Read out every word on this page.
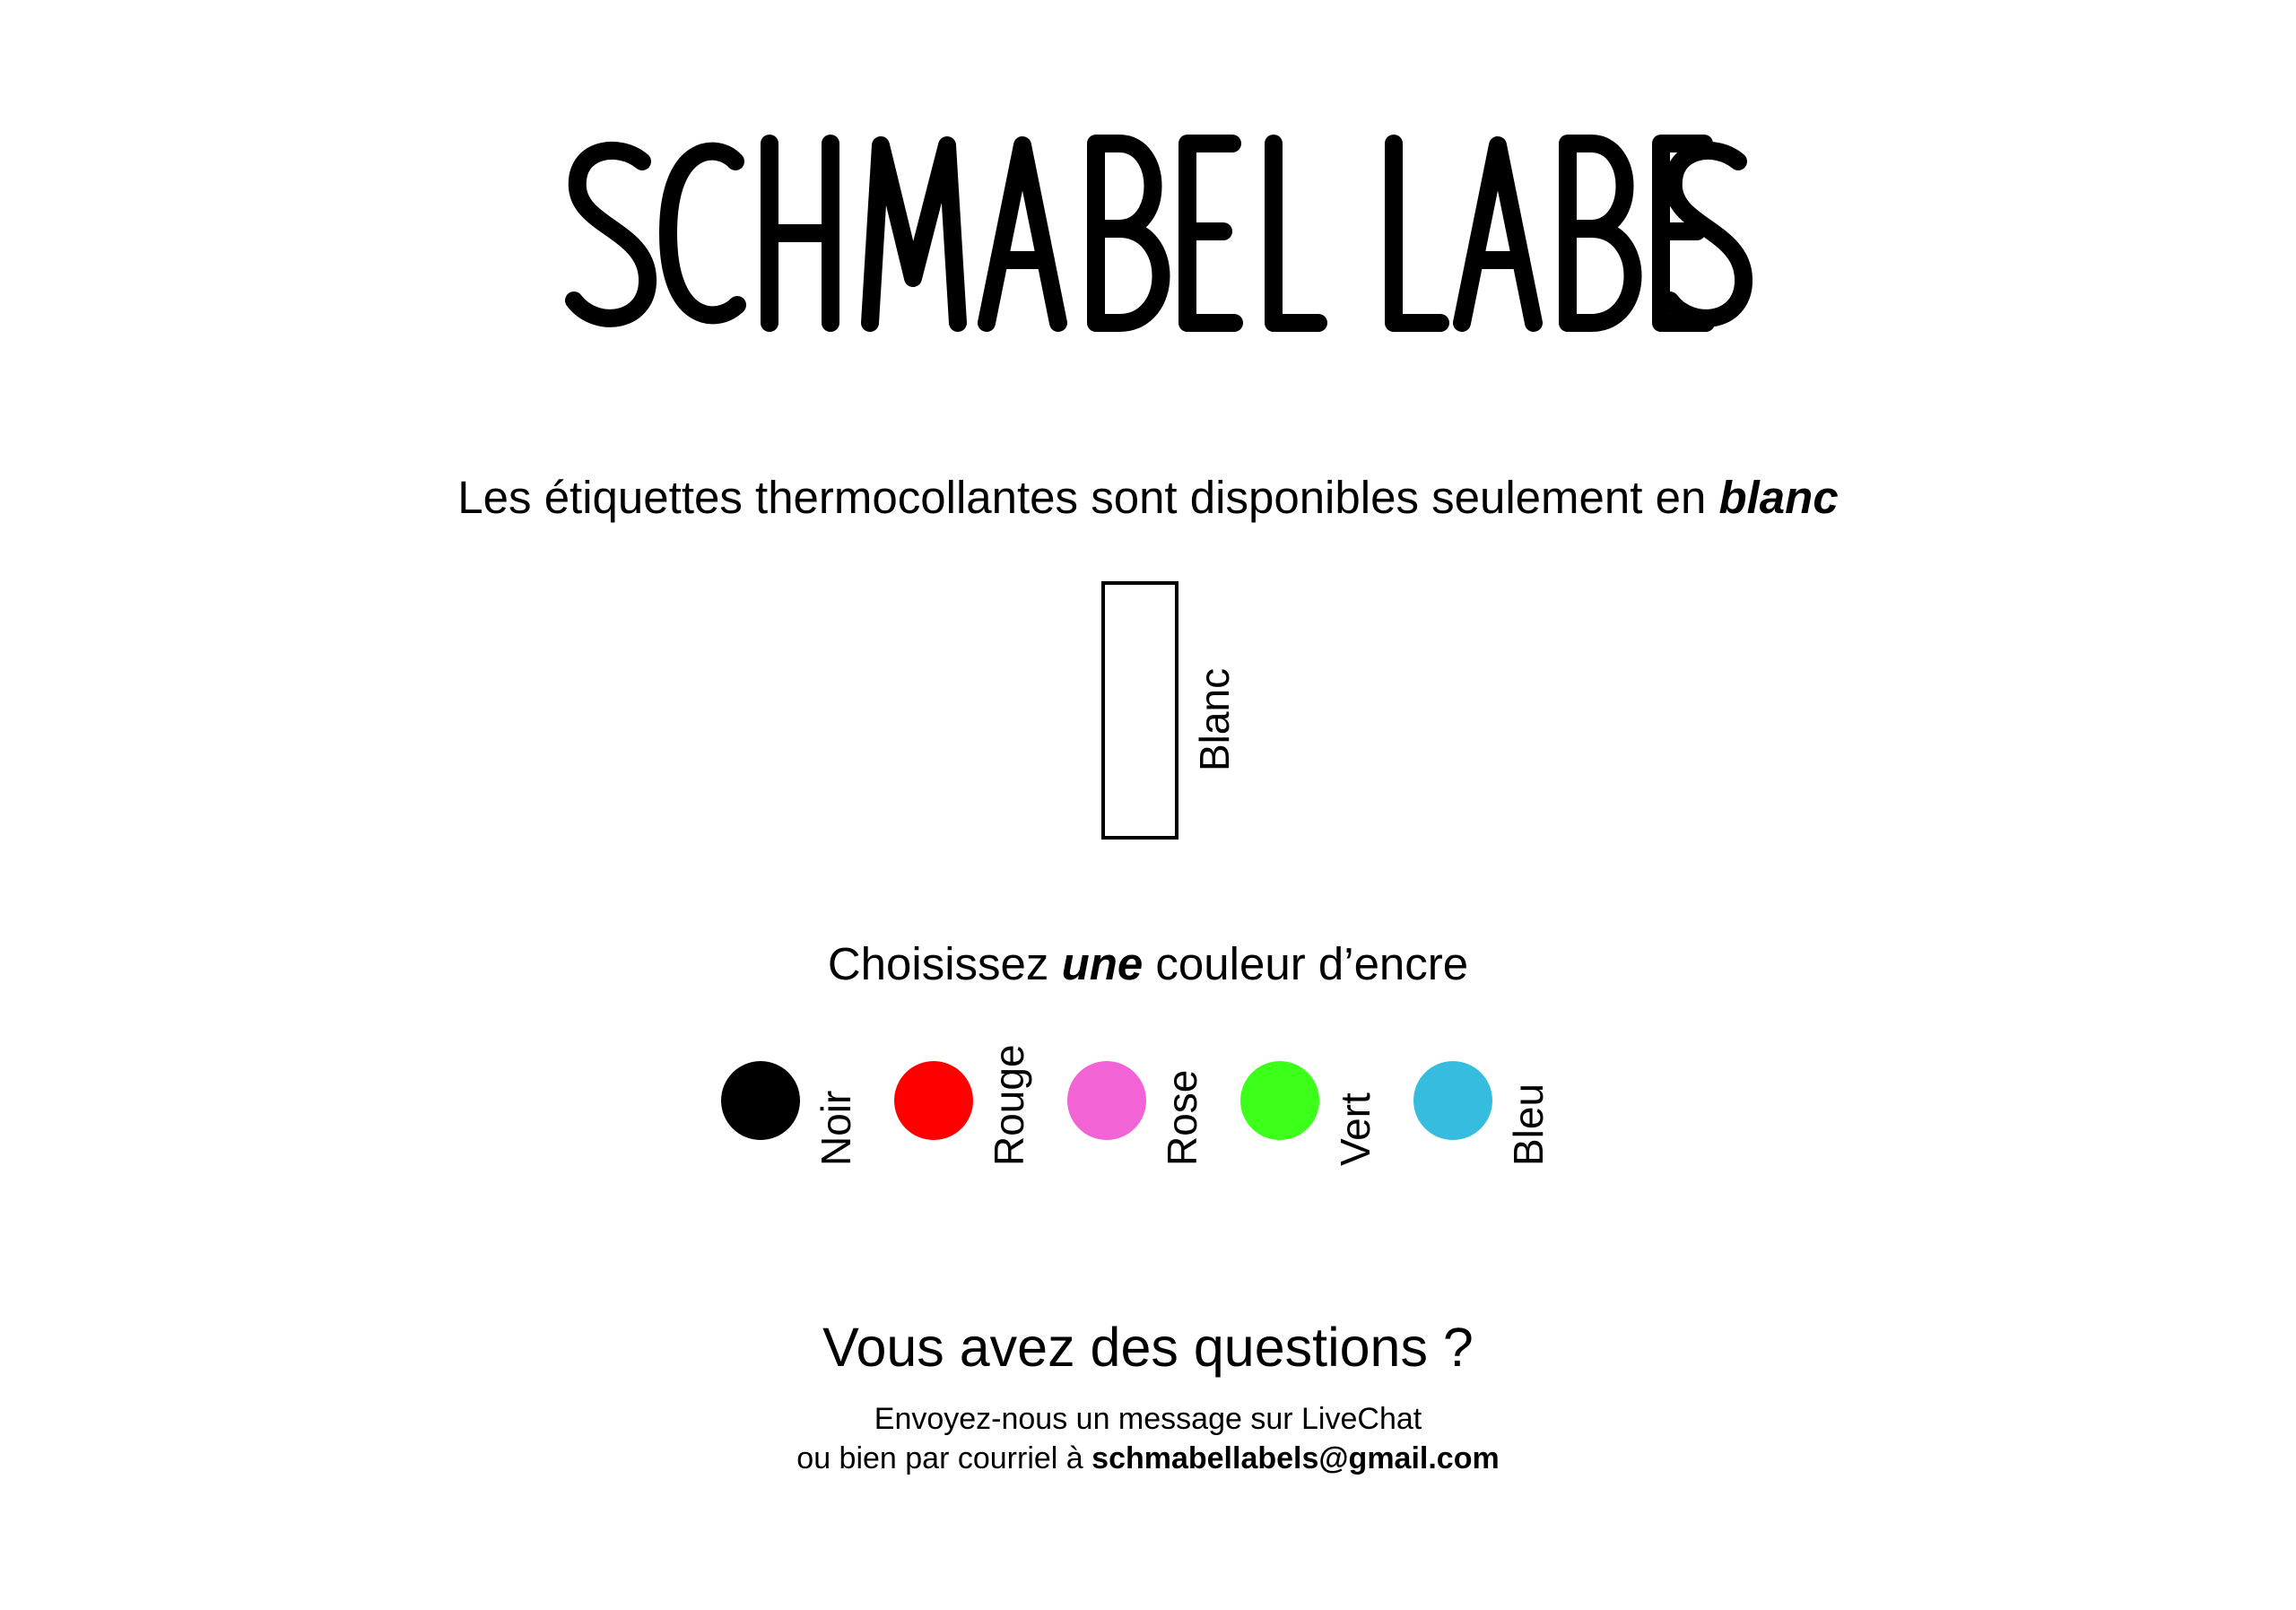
Les étiquettes thermocollantes sont disponibles seulement en blanc
Blanc
Choisissez une couleur d’encre
Noir	Rouge	Rose	Vert	Bleu
Vous avez des questions ?
Envoyez-nous un message sur LiveChat
ou bien par courriel à schmabellabels@gmail.com
